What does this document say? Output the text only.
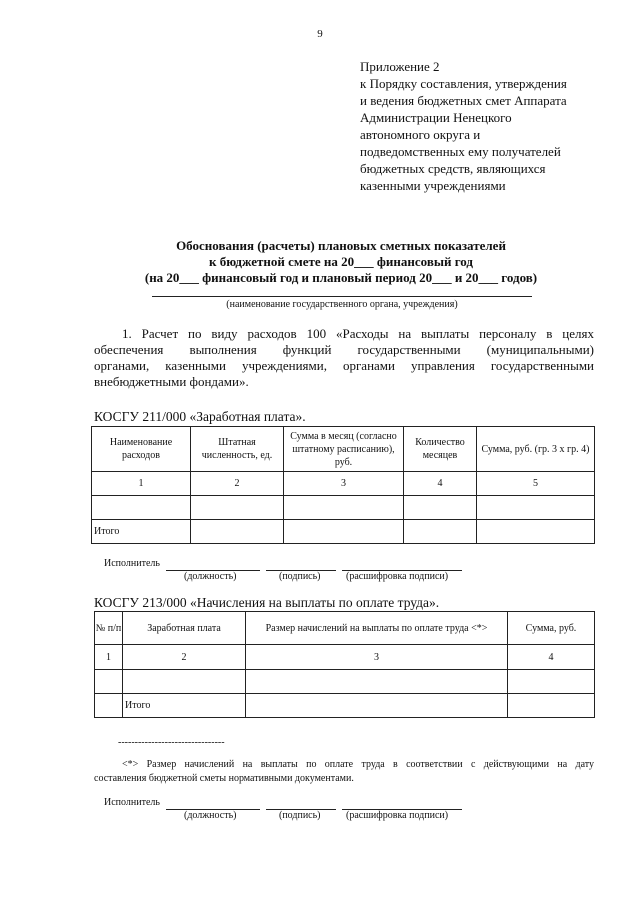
9
Приложение 2
к Порядку составления, утверждения
и ведения бюджетных смет Аппарата
Администрации Ненецкого
автономного округа и
подведомственных ему получателей
бюджетных средств, являющихся
казенными учреждениями
Обоснования (расчеты) плановых сметных показателей
к бюджетной смете на 20___ финансовый год
(на 20___ финансовый год и плановый период 20___ и 20___ годов)
(наименование государственного органа, учреждения)
1. Расчет по виду расходов 100 «Расходы на выплаты персоналу в целях
обеспечения выполнения функций государственными (муниципальными)
органами, казенными учреждениями, органами управления государственными
внебюджетными фондами».
КОСГУ 211/000 «Заработная плата».
Наименование расходов	Штатная численность, ед.	Сумма в месяц (согласно штатному расписанию), руб.	Количество месяцев	Сумма, руб. (гр. 3 х гр. 4)
1	2	3	4	5

Итого				
Исполнитель
(должность)	(подпись)	(расшифровка подписи)
КОСГУ 213/000 «Начисления на выплаты по оплате труда».
№ п/п	Заработная плата	Размер начислений на выплаты по оплате труда <*>	Сумма, руб.
1	2	3	4

	Итого		
--------------------------------
<*> Размер начислений на выплаты по оплате труда в соответствии с действующими на дату
составления бюджетной сметы нормативными документами.
Исполнитель
(должность)	(подпись)	(расшифровка подписи)
